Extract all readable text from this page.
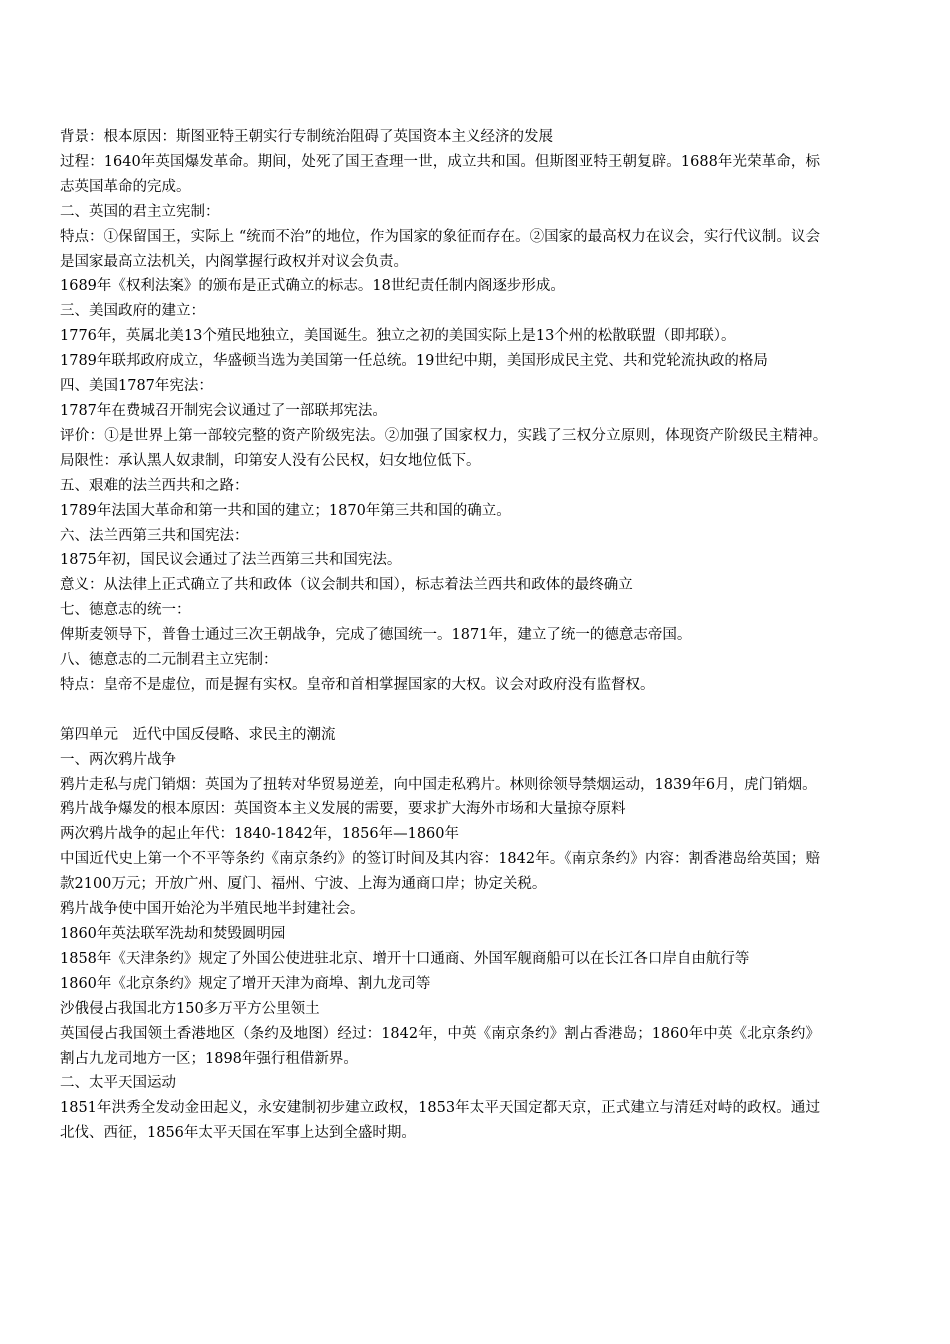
背景：根本原因：斯图亚特王朝实行专制统治阻碍了英国资本主义经济的发展

过程：1640年英国爆发革命。期间，处死了国王查理一世，成立共和国。但斯图亚特王朝复辟。1688年光荣革命，标志英国革命的完成。

二、英国的君主立宪制：

特点：①保留国王，实际上 “统而不治”的地位，作为国家的象征而存在。②国家的最高权力在议会，实行代议制。议会是国家最高立法机关，内阁掌握行政权并对议会负责。

1689年《权利法案》的颁布是正式确立的标志。18世纪责任制内阁逐步形成。

三、美国政府的建立：

1776年，英属北美13个殖民地独立，美国诞生。独立之初的美国实际上是13个州的松散联盟（即邦联）。

1789年联邦政府成立，华盛顿当选为美国第一任总统。19世纪中期，美国形成民主党、共和党轮流执政的格局

四、美国1787年宪法：

1787年在费城召开制宪会议通过了一部联邦宪法。

评价：①是世界上第一部较完整的资产阶级宪法。②加强了国家权力，实践了三权分立原则，体现资产阶级民主精神。　局限性：承认黑人奴隶制，印第安人没有公民权，妇女地位低下。

五、艰难的法兰西共和之路：

1789年法国大革命和第一共和国的建立；1870年第三共和国的确立。

六、法兰西第三共和国宪法：

1875年初，国民议会通过了法兰西第三共和国宪法。

意义：从法律上正式确立了共和政体（议会制共和国），标志着法兰西共和政体的最终确立

七、德意志的统一：

俾斯麦领导下，普鲁士通过三次王朝战争，完成了德国统一。1871年，建立了统一的德意志帝国。

八、德意志的二元制君主立宪制：

特点：皇帝不是虚位，而是握有实权。皇帝和首相掌握国家的大权。议会对政府没有监督权。

第四单元　近代中国反侵略、求民主的潮流

一、两次鸦片战争

鸦片走私与虎门销烟：英国为了扭转对华贸易逆差，向中国走私鸦片。林则徐领导禁烟运动，1839年6月，虎门销烟。

鸦片战争爆发的根本原因：英国资本主义发展的需要，要求扩大海外市场和大量掠夺原料

两次鸦片战争的起止年代：1840-1842年，1856年—1860年

中国近代史上第一个不平等条约《南京条约》的签订时间及其内容：1842年。《南京条约》内容：割香港岛给英国；赔款2100万元；开放广州、厦门、福州、宁波、上海为通商口岸；协定关税。

鸦片战争使中国开始沦为半殖民地半封建社会。

1860年英法联军洗劫和焚毁圆明园

1858年《天津条约》规定了外国公使进驻北京、增开十口通商、外国军舰商船可以在长江各口岸自由航行等

1860年《北京条约》规定了增开天津为商埠、割九龙司等

沙俄侵占我国北方150多万平方公里领土

英国侵占我国领土香港地区（条约及地图）经过：1842年，中英《南京条约》割占香港岛；1860年中英《北京条约》割占九龙司地方一区；1898年强行租借新界。

二、太平天国运动

1851年洪秀全发动金田起义，永安建制初步建立政权，1853年太平天国定都天京，正式建立与清廷对峙的政权。通过北伐、西征，1856年太平天国在军事上达到全盛时期。
